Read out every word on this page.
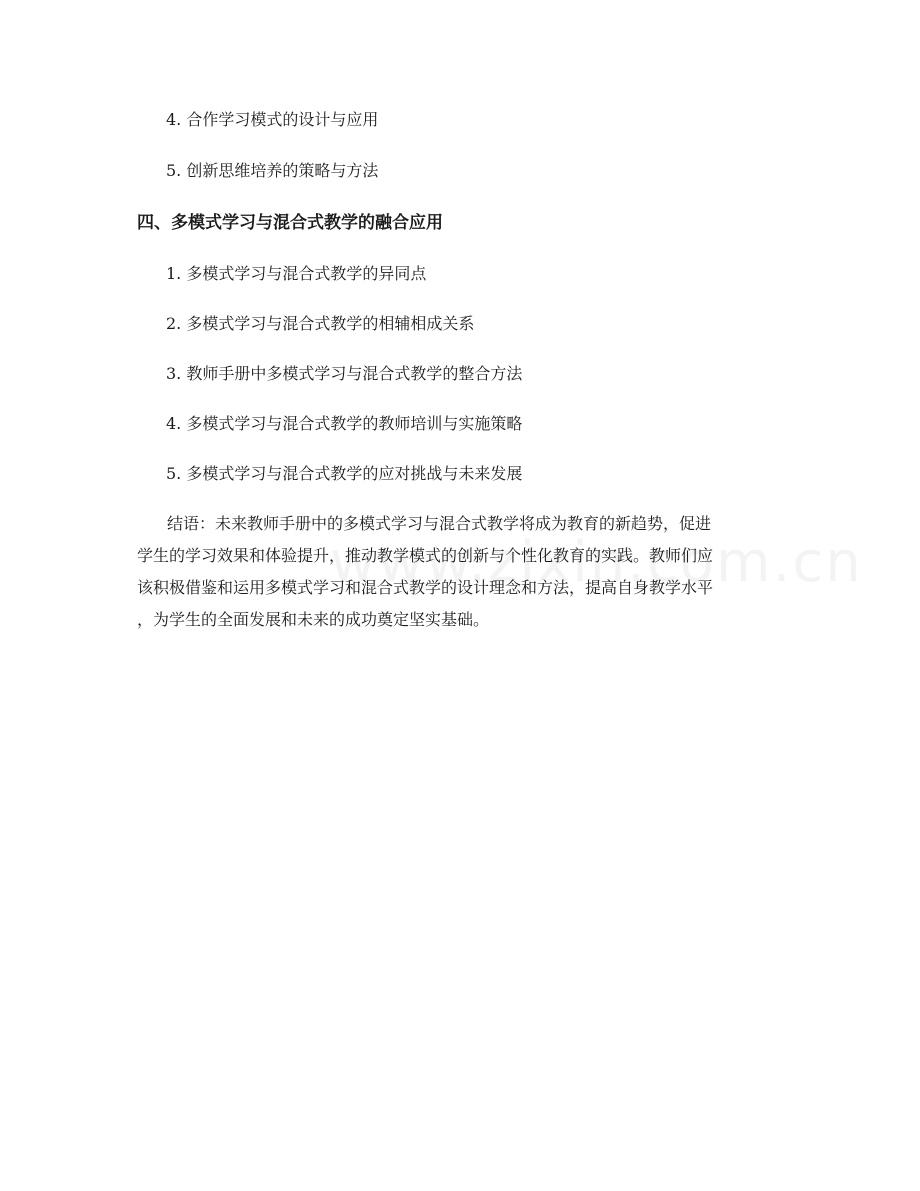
4. 合作学习模式的设计与应用
5. 创新思维培养的策略与方法
四、多模式学习与混合式教学的融合应用
1. 多模式学习与混合式教学的异同点
2. 多模式学习与混合式教学的相辅相成关系
3. 教师手册中多模式学习与混合式教学的整合方法
4. 多模式学习与混合式教学的教师培训与实施策略
5. 多模式学习与混合式教学的应对挑战与未来发展
结语：未来教师手册中的多模式学习与混合式教学将成为教育的新趋势，促进
学生的学习效果和体验提升，推动教学模式的创新与个性化教育的实践。教师们应
该积极借鉴和运用多模式学习和混合式教学的设计理念和方法，提高自身教学水平
，为学生的全面发展和未来的成功奠定坚实基础。
